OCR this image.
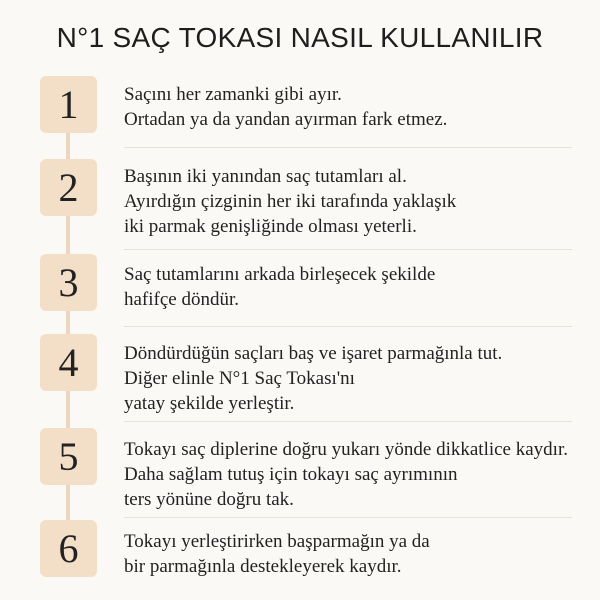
N°1 SAÇ TOKASI NASIL KULLANILIR
1	Saçını her zamanki gibi ayır.
Ortadan ya da yandan ayırman fark etmez.
2	Başının iki yanından saç tutamları al.
Ayırdığın çizginin her iki tarafında yaklaşık
iki parmak genişliğinde olması yeterli.
3	Saç tutamlarını arkada birleşecek şekilde
hafifçe döndür.
4	Döndürdüğün saçları baş ve işaret parmağınla tut.
Diğer elinle N°1 Saç Tokası'nı
yatay şekilde yerleştir.
5	Tokayı saç diplerine doğru yukarı yönde dikkatlice kaydır.
Daha sağlam tutuş için tokayı saç ayrımının
ters yönüne doğru tak.
6	Tokayı yerleştirirken başparmağın ya da
bir parmağınla destekleyerek kaydır.
